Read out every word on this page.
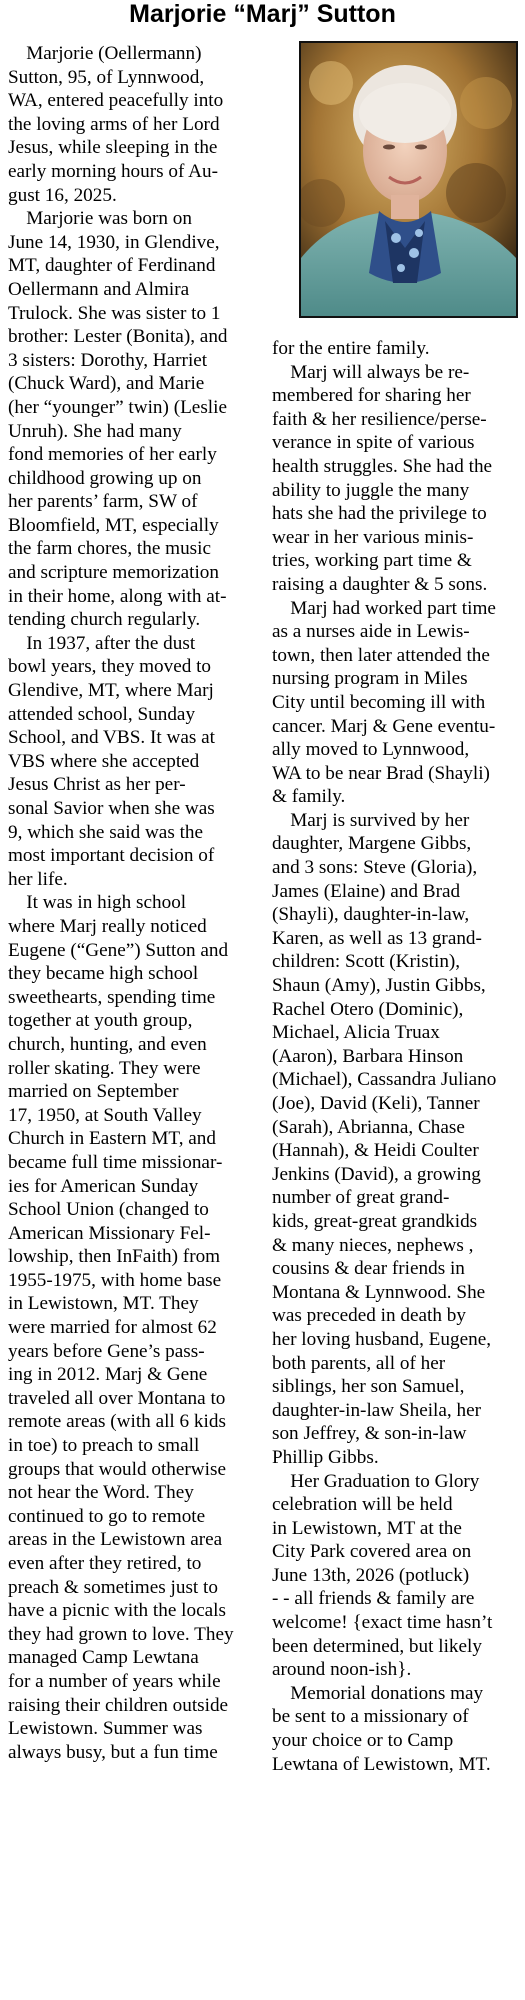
Marjorie “Marj” Sutton

Marjorie (Oellermann)
Sutton, 95, of Lynnwood,
WA, entered peacefully into
the loving arms of her Lord
Jesus, while sleeping in the
early morning hours of Au-
gust 16, 2025.

Marjorie was born on
June 14, 1930, in Glendive,
MT, daughter of Ferdinand
Oellermann and Almira
Trulock. She was sister to 1
brother: Lester (Bonita), and
3 sisters: Dorothy, Harriet
(Chuck Ward), and Marie
(her “younger” twin) (Leslie
Unruh). She had many
fond memories of her early
childhood growing up on
her parents’ farm, SW of
Bloomfield, MT, especially
the farm chores, the music
and scripture memorization
in their home, along with at-
tending church regularly.

In 1937, after the dust
bowl years, they moved to
Glendive, MT, where Marj
attended school, Sunday
School, and VBS. It was at
VBS where she accepted
Jesus Christ as her per-
sonal Savior when she was
9, which she said was the
most important decision of
her life.

It was in high school
where Marj really noticed
Eugene (“Gene”) Sutton and
they became high school
sweethearts, spending time
together at youth group,
church, hunting, and even
roller skating. They were
married on September
17, 1950, at South Valley
Church in Eastern MT, and
became full time missionar-
ies for American Sunday
School Union (changed to
American Missionary Fel-
lowship, then InFaith) from
1955-1975, with home base
in Lewistown, MT. They
were married for almost 62
years before Gene’s pass-
ing in 2012. Marj & Gene
traveled all over Montana to
remote areas (with all 6 kids
in toe) to preach to small
groups that would otherwise
not hear the Word. They
continued to go to remote
areas in the Lewistown area
even after they retired, to
preach & sometimes just to
have a picnic with the locals
they had grown to love. They
managed Camp Lewtana
for a number of years while
raising their children outside
Lewistown. Summer was
always busy, but a fun time

for the entire family.

Marj will always be re-
membered for sharing her
faith & her resilience/perse-
verance in spite of various
health struggles. She had the
ability to juggle the many
hats she had the privilege to
wear in her various minis-
tries, working part time &
raising a daughter & 5 sons.

Marj had worked part time
as a nurses aide in Lewis-
town, then later attended the
nursing program in Miles
City until becoming ill with
cancer. Marj & Gene eventu-
ally moved to Lynnwood,
WA to be near Brad (Shayli)
& family.

Marj is survived by her
daughter, Margene Gibbs,
and 3 sons: Steve (Gloria),
James (Elaine) and Brad
(Shayli), daughter-in-law,
Karen, as well as 13 grand-
children: Scott (Kristin),
Shaun (Amy), Justin Gibbs,
Rachel Otero (Dominic),
Michael, Alicia Truax
(Aaron), Barbara Hinson
(Michael), Cassandra Juliano
(Joe), David (Keli), Tanner
(Sarah), Abrianna, Chase
(Hannah), & Heidi Coulter
Jenkins (David), a growing
number of great grand-
kids, great-great grandkids
& many nieces, nephews ,
cousins & dear friends in
Montana & Lynnwood. She
was preceded in death by
her loving husband, Eugene,
both parents, all of her
siblings, her son Samuel,
daughter-in-law Sheila, her
son Jeffrey, & son-in-law
Phillip Gibbs.

Her Graduation to Glory
celebration will be held
in Lewistown, MT at the
City Park covered area on
June 13th, 2026 (potluck)
- - all friends & family are
welcome! {exact time hasn’t
been determined, but likely
around noon-ish}.

Memorial donations may
be sent to a missionary of
your choice or to Camp
Lewtana of Lewistown, MT.
